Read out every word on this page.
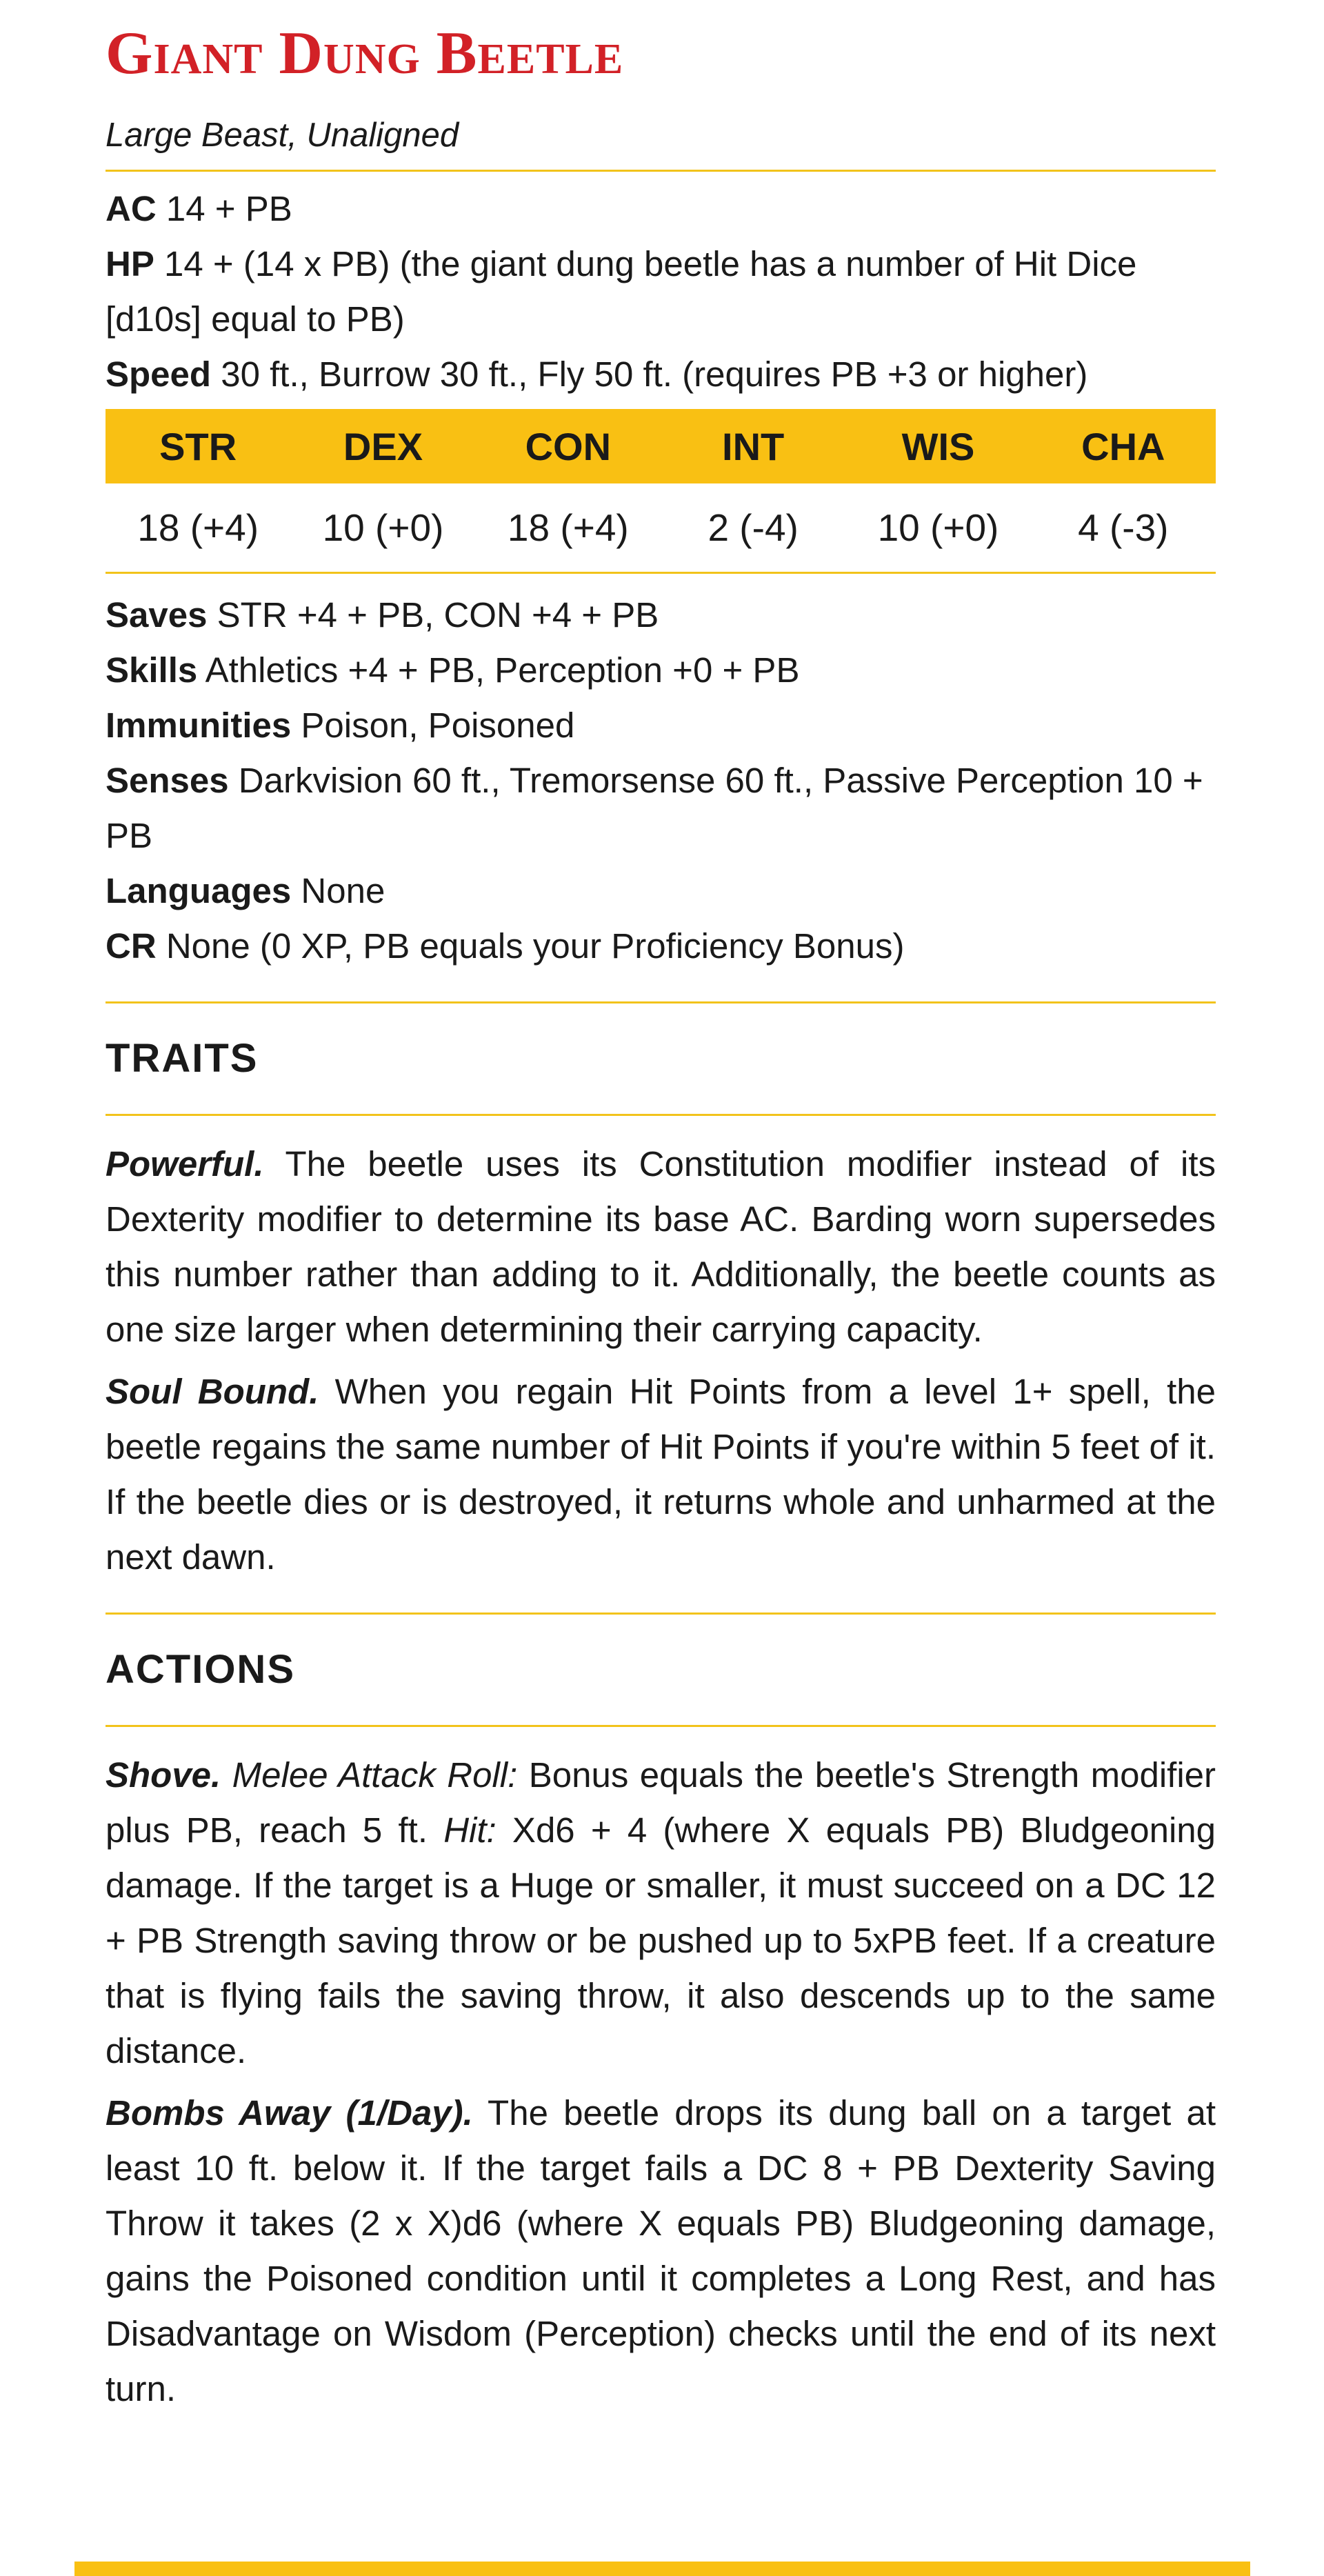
Giant Dung Beetle
Large Beast, Unaligned
AC 14 + PB
HP 14 + (14 x PB) (the giant dung beetle has a number of Hit Dice [d10s] equal to PB)
Speed 30 ft., Burrow 30 ft., Fly 50 ft. (requires PB +3 or higher)
STR	DEX	CON	INT	WIS	CHA
18 (+4)	10 (+0)	18 (+4)	2 (-4)	10 (+0)	4 (-3)
Saves STR +4 + PB, CON +4 + PB
Skills Athletics +4 + PB, Perception +0 + PB
Immunities Poison, Poisoned
Senses Darkvision 60 ft., Tremorsense 60 ft., Passive Perception 10 + PB
Languages None
CR None (0 XP, PB equals your Proficiency Bonus)
TRAITS

Powerful. The beetle uses its Constitution modifier instead of its Dexterity modifier to determine its base AC. Barding worn supersedes this number rather than adding to it. Additionally, the beetle counts as one size larger when determining their carrying capacity.

Soul Bound. When you regain Hit Points from a level 1+ spell, the beetle regains the same number of Hit Points if you're within 5 feet of it. If the beetle dies or is destroyed, it returns whole and unharmed at the next dawn.

ACTIONS

Shove. Melee Attack Roll: Bonus equals the beetle's Strength modifier plus PB, reach 5 ft. Hit: Xd6 + 4 (where X equals PB) Bludgeoning damage. If the target is a Huge or smaller, it must succeed on a DC 12 + PB Strength saving throw or be pushed up to 5xPB feet. If a creature that is flying fails the saving throw, it also descends up to the same distance.

Bombs Away (1/Day). The beetle drops its dung ball on a target at least 10 ft. below it. If the target fails a DC 8 + PB Dexterity Saving Throw it takes (2 x X)d6 (where X equals PB) Bludgeoning damage, gains the Poisoned condition until it completes a Long Rest, and has Disadvantage on Wisdom (Perception) checks until the end of its next turn.
